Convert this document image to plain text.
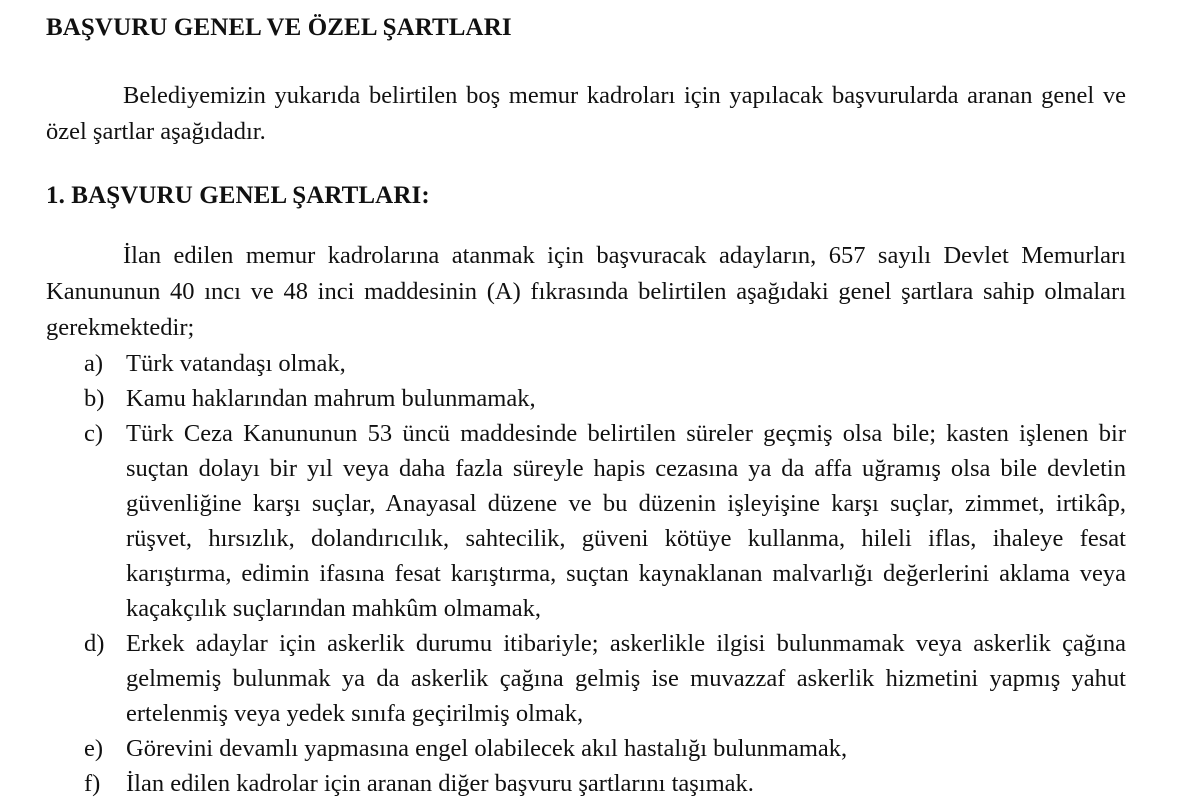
BAŞVURU GENEL VE ÖZEL ŞARTLARI

Belediyemizin yukarıda belirtilen boş memur kadroları için yapılacak başvurularda aranan genel ve özel şartlar aşağıdadır.

1. BAŞVURU GENEL ŞARTLARI:

İlan edilen memur kadrolarına atanmak için başvuracak adayların, 657 sayılı Devlet Memurları Kanununun 40 ıncı ve 48 inci maddesinin (A) fıkrasında belirtilen aşağıdaki genel şartlara sahip olmaları gerekmektedir;

a) Türk vatandaşı olmak,
b) Kamu haklarından mahrum bulunmamak,
c) Türk Ceza Kanununun 53 üncü maddesinde belirtilen süreler geçmiş olsa bile; kasten işlenen bir suçtan dolayı bir yıl veya daha fazla süreyle hapis cezasına ya da affa uğramış olsa bile devletin güvenliğine karşı suçlar, Anayasal düzene ve bu düzenin işleyişine karşı suçlar, zimmet, irtikâp, rüşvet, hırsızlık, dolandırıcılık, sahtecilik, güveni kötüye kullanma, hileli iflas, ihaleye fesat karıştırma, edimin ifasına fesat karıştırma, suçtan kaynaklanan malvarlığı değerlerini aklama veya kaçakçılık suçlarından mahkûm olmamak,
d) Erkek adaylar için askerlik durumu itibariyle; askerlikle ilgisi bulunmamak veya askerlik çağına gelmemiş bulunmak ya da askerlik çağına gelmiş ise muvazzaf askerlik hizmetini yapmış yahut ertelenmiş veya yedek sınıfa geçirilmiş olmak,
e) Görevini devamlı yapmasına engel olabilecek akıl hastalığı bulunmamak,
f) İlan edilen kadrolar için aranan diğer başvuru şartlarını taşımak.
